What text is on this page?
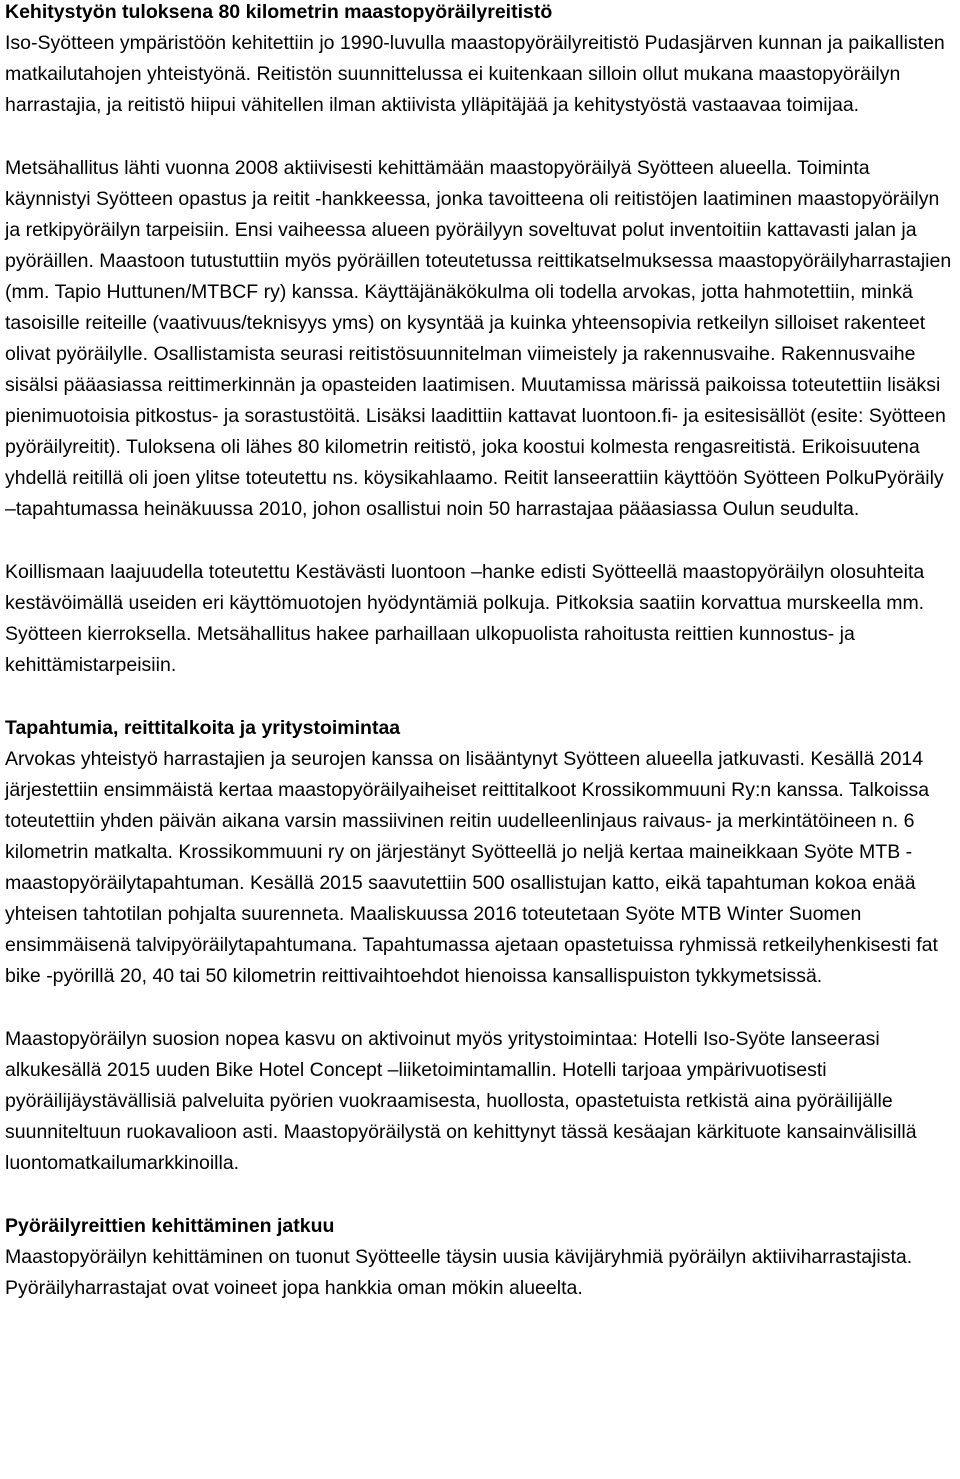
Kehitystyön tuloksena 80 kilometrin maastopyöräilyreitistö

Iso-Syötteen ympäristöön kehitettiin jo 1990-luvulla maastopyöräilyreitistö Pudasjärven kunnan ja paikallisten matkailutahojen yhteistyönä. Reitistön suunnittelussa ei kuitenkaan silloin ollut mukana maastopyöräilyn harrastajia, ja reitistö hiipui vähitellen ilman aktiivista ylläpitäjää ja kehitystyöstä vastaavaa toimijaa.

Metsähallitus lähti vuonna 2008 aktiivisesti kehittämään maastopyöräilyä Syötteen alueella. Toiminta käynnistyi Syötteen opastus ja reitit -hankkeessa, jonka tavoitteena oli reitistöjen laatiminen maastopyöräilyn ja retkipyöräilyn tarpeisiin. Ensi vaiheessa alueen pyöräilyyn soveltuvat polut inventoitiin kattavasti jalan ja pyöräillen. Maastoon tutustuttiin myös pyöräillen toteutetussa reittikatselmuksessa maastopyöräilyharrastajien (mm. Tapio Huttunen/MTBCF ry) kanssa. Käyttäjänäkökulma oli todella arvokas, jotta hahmotettiin, minkä tasoisille reiteille (vaativuus/teknisyys yms) on kysyntää ja kuinka yhteensopivia retkeilyn silloiset rakenteet olivat pyöräilylle. Osallistamista seurasi reitistösuunnitelman viimeistely ja rakennusvaihe. Rakennusvaihe sisälsi pääasiassa reittimerkinnän ja opasteiden laatimisen. Muutamissa märissä paikoissa toteutettiin lisäksi pienimuotoisia pitkostus- ja sorastustöitä. Lisäksi laadittiin kattavat luontoon.fi- ja esitesisällöt (esite: Syötteen pyöräilyreitit). Tuloksena oli lähes 80 kilometrin reitistö, joka koostui kolmesta rengasreitistä. Erikoisuutena yhdellä reitillä oli joen ylitse toteutettu ns. köysikahlaamo. Reitit lanseerattiin käyttöön Syötteen PolkuPyöräily –tapahtumassa heinäkuussa 2010, johon osallistui noin 50 harrastajaa pääasiassa Oulun seudulta.

Koillismaan laajuudella toteutettu Kestävästi luontoon –hanke edisti Syötteellä maastopyöräilyn olosuhteita kestävöimällä useiden eri käyttömuotojen hyödyntämiä polkuja. Pitkoksia saatiin korvattua murskeella mm. Syötteen kierroksella. Metsähallitus hakee parhaillaan ulkopuolista rahoitusta reittien kunnostus- ja kehittämistarpeisiin.

Tapahtumia, reittitalkoita ja yritystoimintaa

Arvokas yhteistyö harrastajien ja seurojen kanssa on lisääntynyt Syötteen alueella jatkuvasti. Kesällä 2014 järjestettiin ensimmäistä kertaa maastopyöräilyaiheiset reittitalkoot Krossikommuuni Ry:n kanssa. Talkoissa toteutettiin yhden päivän aikana varsin massiivinen reitin uudelleenlinjaus raivaus- ja merkintätöineen n. 6 kilometrin matkalta. Krossikommuuni ry on järjestänyt Syötteellä jo neljä kertaa maineikkaan Syöte MTB - maastopyöräilytapahtuman. Kesällä 2015 saavutettiin 500 osallistujan katto, eikä tapahtuman kokoa enää yhteisen tahtotilan pohjalta suurenneta. Maaliskuussa 2016 toteutetaan Syöte MTB Winter Suomen ensimmäisenä talvipyöräilytapahtumana. Tapahtumassa ajetaan opastetuissa ryhmissä retkeilyhenkisesti fat bike -pyörillä 20, 40 tai 50 kilometrin reittivaihtoehdot hienoissa kansallispuiston tykkymetsissä.

Maastopyöräilyn suosion nopea kasvu on aktivoinut myös yritystoimintaa: Hotelli Iso-Syöte lanseerasi alkukesällä 2015 uuden Bike Hotel Concept –liiketoimintamallin. Hotelli tarjoaa ympärivuotisesti pyöräilijäystävällisiä palveluita pyörien vuokraamisesta, huollosta, opastetuista retkistä aina pyöräilijälle suunniteltuun ruokavalioon asti. Maastopyöräilystä on kehittynyt tässä kesäajan kärkituote kansainvälisillä luontomatkailumarkkinoilla.

Pyöräilyreittien kehittäminen jatkuu

Maastopyöräilyn kehittäminen on tuonut Syötteelle täysin uusia kävijäryhmiä pyöräilyn aktiiviharrastajista. Pyöräilyharrastajat ovat voineet jopa hankkia oman mökin alueelta.
